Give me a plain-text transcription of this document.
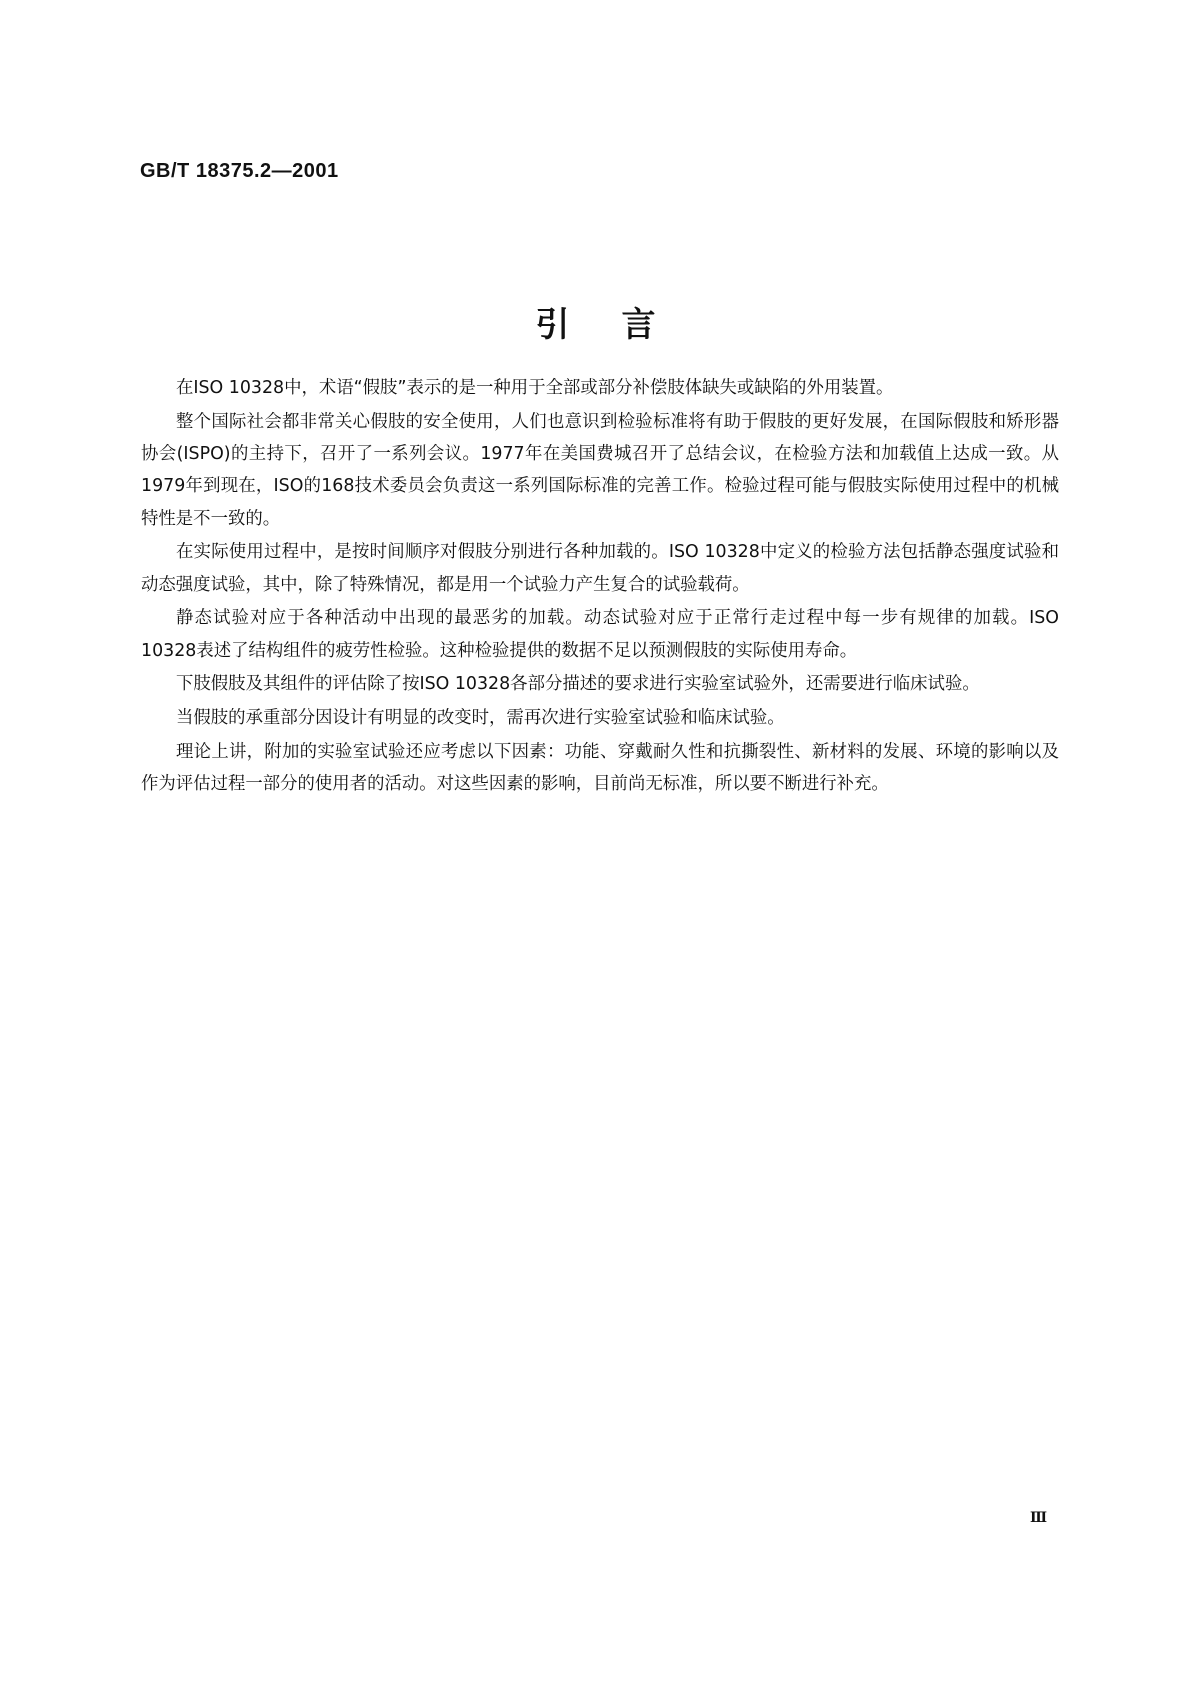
GB/T 18375.2—2001
引言

在ISO 10328中，术语“假肢”表示的是一种用于全部或部分补偿肢体缺失或缺陷的外用装置。

整个国际社会都非常关心假肢的安全使用，人们也意识到检验标准将有助于假肢的更好发展，在国际假肢和矫形器协会(ISPO)的主持下，召开了一系列会议。1977年在美国费城召开了总结会议，在检验方法和加载值上达成一致。从1979年到现在，ISO的168技术委员会负责这一系列国际标准的完善工作。检验过程可能与假肢实际使用过程中的机械特性是不一致的。

在实际使用过程中，是按时间顺序对假肢分别进行各种加载的。ISO 10328中定义的检验方法包括静态强度试验和动态强度试验，其中，除了特殊情况，都是用一个试验力产生复合的试验载荷。

静态试验对应于各种活动中出现的最恶劣的加载。动态试验对应于正常行走过程中每一步有规律的加载。ISO 10328表述了结构组件的疲劳性检验。这种检验提供的数据不足以预测假肢的实际使用寿命。

下肢假肢及其组件的评估除了按ISO 10328各部分描述的要求进行实验室试验外，还需要进行临床试验。

当假肢的承重部分因设计有明显的改变时，需再次进行实验室试验和临床试验。

理论上讲，附加的实验室试验还应考虑以下因素：功能、穿戴耐久性和抗撕裂性、新材料的发展、环境的影响以及作为评估过程一部分的使用者的活动。对这些因素的影响，目前尚无标准，所以要不断进行补充。

Ⅲ
